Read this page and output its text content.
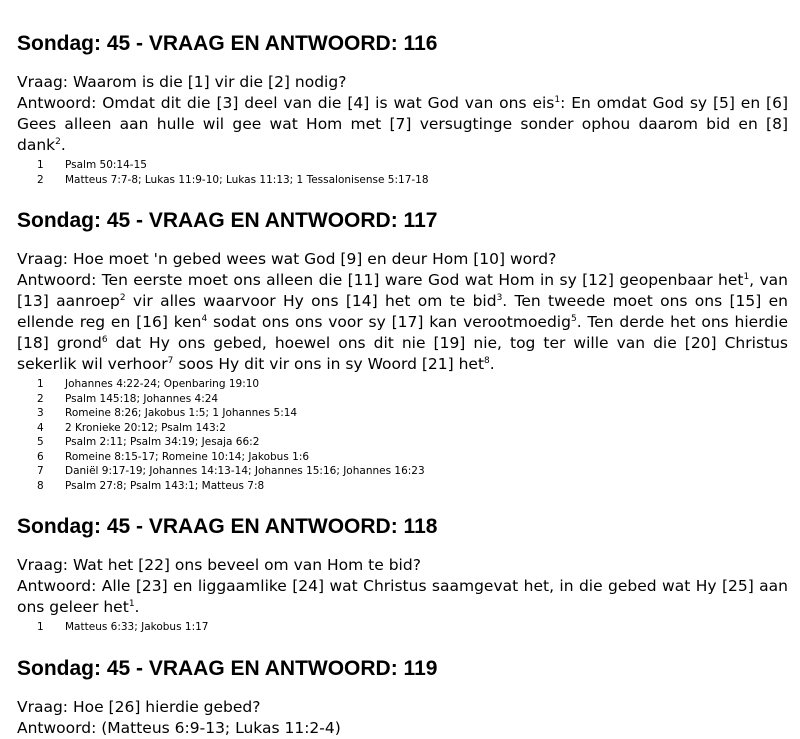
Sondag: 45 - VRAAG EN ANTWOORD: 116

Vraag: Waarom is die [1] vir die [2] nodig?

Antwoord: Omdat dit die [3] deel van die [4] is wat God van ons eis$^1$: En omdat God sy [5] en [6] Gees alleen aan hulle wil gee wat Hom met [7] versugtinge sonder ophou daarom bid en [8] dank$^2$.

1	Psalm 50:14-15
2	Matteus 7:7-8; Lukas 11:9-10; Lukas 11:13; 1 Tessalonisense 5:17-18
Sondag: 45 - VRAAG EN ANTWOORD: 117

Vraag: Hoe moet 'n gebed wees wat God [9] en deur Hom [10] word?

Antwoord: Ten eerste moet ons alleen die [11] ware God wat Hom in sy [12] geopenbaar het$^1$, van [13] aanroep$^2$ vir alles waarvoor Hy ons [14] het om te bid$^3$. Ten tweede moet ons ons [15] en ellende reg en [16] ken$^4$ sodat ons ons voor sy [17] kan verootmoedig$^5$. Ten derde het ons hierdie [18] grond$^6$ dat Hy ons gebed, hoewel ons dit nie [19] nie, tog ter wille van die [20] Christus sekerlik wil verhoor$^7$ soos Hy dit vir ons in sy Woord [21] het$^8$.

1	Johannes 4:22-24; Openbaring 19:10
2	Psalm 145:18; Johannes 4:24
3	Romeine 8:26; Jakobus 1:5; 1 Johannes 5:14
4	2 Kronieke 20:12; Psalm 143:2
5	Psalm 2:11; Psalm 34:19; Jesaja 66:2
6	Romeine 8:15-17; Romeine 10:14; Jakobus 1:6
7	Daniël 9:17-19; Johannes 14:13-14; Johannes 15:16; Johannes 16:23
8	Psalm 27:8; Psalm 143:1; Matteus 7:8
Sondag: 45 - VRAAG EN ANTWOORD: 118

Vraag: Wat het [22] ons beveel om van Hom te bid?

Antwoord: Alle [23] en liggaamlike [24] wat Christus saamgevat het, in die gebed wat Hy [25] aan ons geleer het$^1$.

1	Matteus 6:33; Jakobus 1:17
Sondag: 45 - VRAAG EN ANTWOORD: 119

Vraag: Hoe [26] hierdie gebed?

Antwoord: (Matteus 6:9-13; Lukas 11:2-4)
